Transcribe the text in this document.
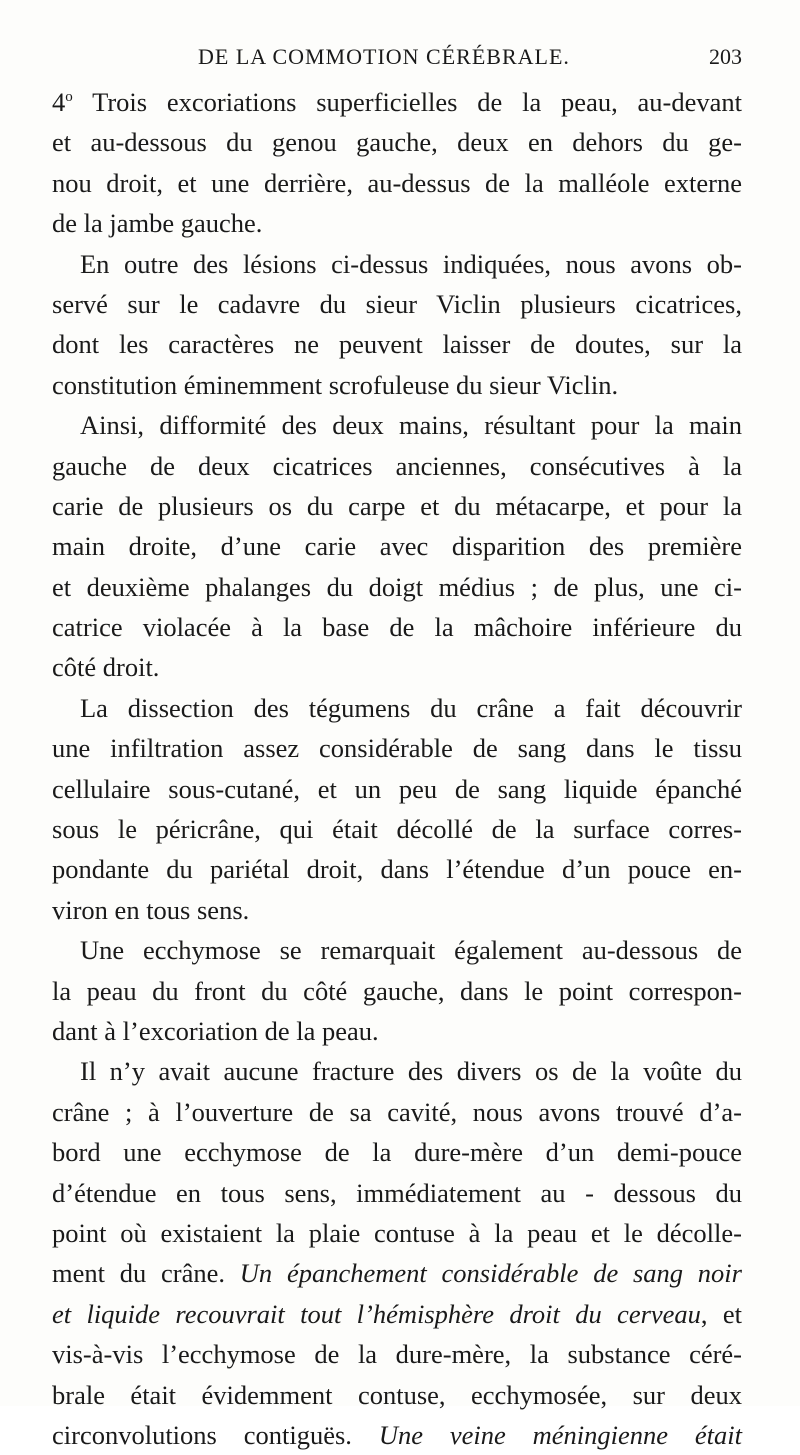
DE LA COMMOTION CÉRÉBRALE.	203
4$^o$ Trois excoriations superficielles de la peau, au-devant
et au-dessous du genou gauche, deux en dehors du ge-
nou droit, et une derrière, au-dessus de la malléole externe
de la jambe gauche.
En outre des lésions ci-dessus indiquées, nous avons ob-
servé sur le cadavre du sieur Viclin plusieurs cicatrices,
dont les caractères ne peuvent laisser de doutes, sur la
constitution éminemment scrofuleuse du sieur Viclin.
Ainsi, difformité des deux mains, résultant pour la main
gauche de deux cicatrices anciennes, consécutives à la
carie de plusieurs os du carpe et du métacarpe, et pour la
main droite, d’une carie avec disparition des première
et deuxième phalanges du doigt médius ; de plus, une ci-
catrice violacée à la base de la mâchoire inférieure du
côté droit.
La dissection des tégumens du crâne a fait découvrir
une infiltration assez considérable de sang dans le tissu
cellulaire sous-cutané, et un peu de sang liquide épanché
sous le péricrâne, qui était décollé de la surface corres-
pondante du pariétal droit, dans l’étendue d’un pouce en-
viron en tous sens.
Une ecchymose se remarquait également au-dessous de
la peau du front du côté gauche, dans le point correspon-
dant à l’excoriation de la peau.
Il n’y avait aucune fracture des divers os de la voûte du
crâne ; à l’ouverture de sa cavité, nous avons trouvé d’a-
bord une ecchymose de la dure-mère d’un demi-pouce
d’étendue en tous sens, immédiatement au - dessous du
point où existaient la plaie contuse à la peau et le décolle-
ment du crâne. Un épanchement considérable de sang noir
et liquide recouvrait tout l’hémisphère droit du cerveau, et
vis-à-vis l’ecchymose de la dure-mère, la substance céré-
brale était évidemment contuse, ecchymosée, sur deux
circonvolutions contiguës. Une veine méningienne était
